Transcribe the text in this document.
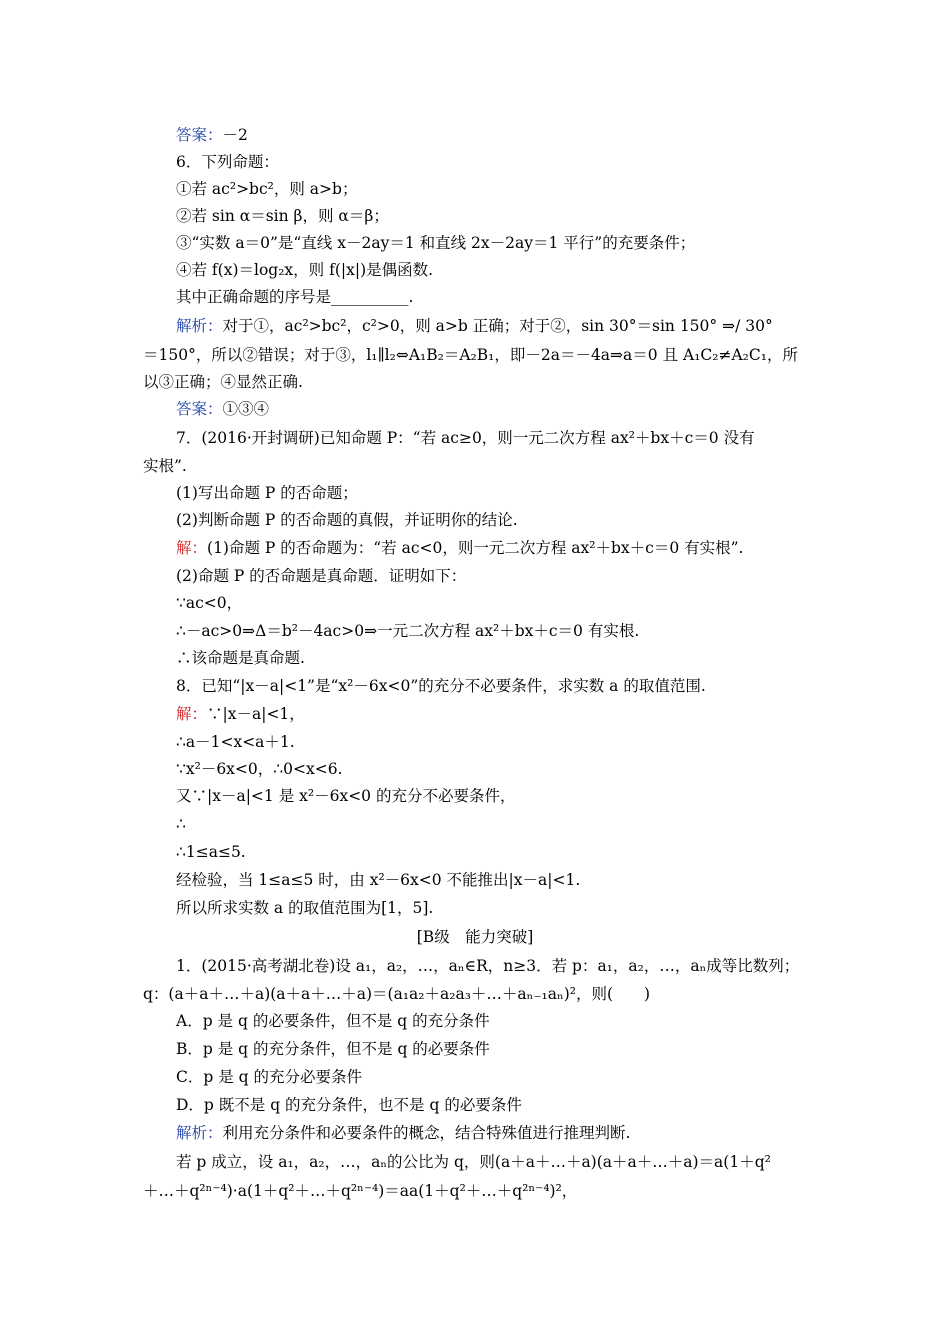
答案：－2
6．下列命题：
①若 ac²>bc²，则 a>b；
②若 sin α＝sin β，则 α＝β；
③“实数 a＝0”是“直线 x－2ay＝1 和直线 2x－2ay＝1 平行”的充要条件；
④若 f(x)＝log₂x，则 f(|x|)是偶函数.
其中正确命题的序号是__________.
解析：对于①，ac²>bc²，c²>0，则 a>b 正确；对于②，sin 30°＝sin 150° ⇒/ 30°
＝150°，所以②错误；对于③，l₁∥l₂⇔A₁B₂＝A₂B₁，即－2a＝－4a⇒a＝0 且 A₁C₂≠A₂C₁，所
以③正确；④显然正确.
答案：①③④
7．(2016·开封调研)已知命题 P：“若 ac≥0，则一元二次方程 ax²＋bx＋c＝0 没有
实根”.
(1)写出命题 P 的否命题；
(2)判断命题 P 的否命题的真假，并证明你的结论.
解：(1)命题 P 的否命题为：“若 ac<0，则一元二次方程 ax²＋bx＋c＝0 有实根”.
(2)命题 P 的否命题是真命题．证明如下：
∵ac<0，
∴－ac>0⇒Δ＝b²－4ac>0⇒一元二次方程 ax²＋bx＋c＝0 有实根.
∴该命题是真命题.
8．已知“|x－a|<1”是“x²－6x<0”的充分不必要条件，求实数 a 的取值范围.
解：∵|x－a|<1，
∴a－1<x<a＋1.
∵x²－6x<0，∴0<x<6.
又∵|x－a|<1 是 x²－6x<0 的充分不必要条件，
∴
∴1≤a≤5.
经检验，当 1≤a≤5 时，由 x²－6x<0 不能推出|x－a|<1.
所以所求实数 a 的取值范围为[1，5].
[B级　能力突破]
1．(2015·高考湖北卷)设 a₁，a₂，…，aₙ∈R，n≥3．若 p：a₁，a₂，…，aₙ成等比数列；
q：(a＋a＋…＋a)(a＋a＋…＋a)＝(a₁a₂＋a₂a₃＋…＋aₙ₋₁aₙ)²，则(　　)
A．p 是 q 的必要条件，但不是 q 的充分条件
B．p 是 q 的充分条件，但不是 q 的必要条件
C．p 是 q 的充分必要条件
D．p 既不是 q 的充分条件，也不是 q 的必要条件
解析：利用充分条件和必要条件的概念，结合特殊值进行推理判断.
若 p 成立，设 a₁，a₂，…，aₙ的公比为 q，则(a＋a＋…＋a)(a＋a＋…＋a)＝a(1＋q²
＋…＋q²ⁿ⁻⁴)·a(1＋q²＋…＋q²ⁿ⁻⁴)＝aa(1＋q²＋…＋q²ⁿ⁻⁴)²，
